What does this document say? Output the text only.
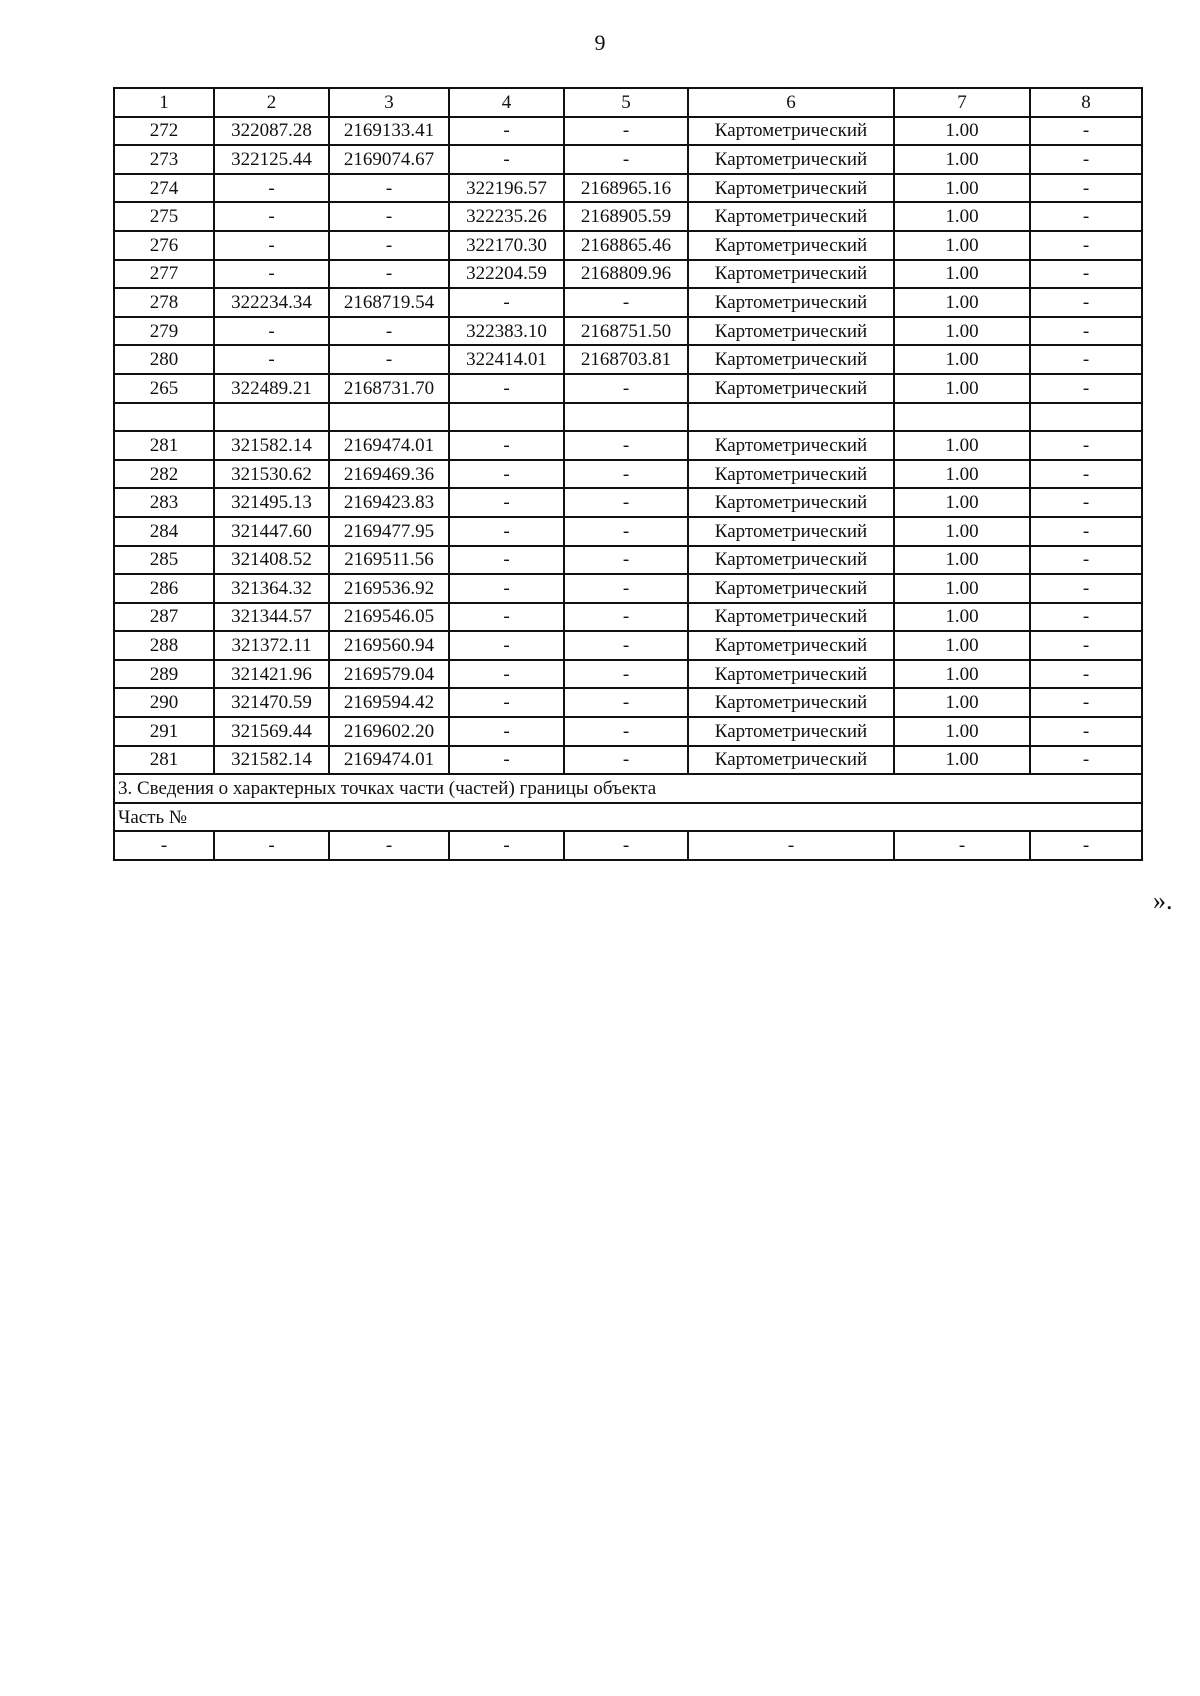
9
1	2	3	4	5	6	7	8
272	322087.28	2169133.41	-	-	Картометрический	1.00	-
273	322125.44	2169074.67	-	-	Картометрический	1.00	-
274	-	-	322196.57	2168965.16	Картометрический	1.00	-
275	-	-	322235.26	2168905.59	Картометрический	1.00	-
276	-	-	322170.30	2168865.46	Картометрический	1.00	-
277	-	-	322204.59	2168809.96	Картометрический	1.00	-
278	322234.34	2168719.54	-	-	Картометрический	1.00	-
279	-	-	322383.10	2168751.50	Картометрический	1.00	-
280	-	-	322414.01	2168703.81	Картометрический	1.00	-
265	322489.21	2168731.70	-	-	Картометрический	1.00	-

281	321582.14	2169474.01	-	-	Картометрический	1.00	-
282	321530.62	2169469.36	-	-	Картометрический	1.00	-
283	321495.13	2169423.83	-	-	Картометрический	1.00	-
284	321447.60	2169477.95	-	-	Картометрический	1.00	-
285	321408.52	2169511.56	-	-	Картометрический	1.00	-
286	321364.32	2169536.92	-	-	Картометрический	1.00	-
287	321344.57	2169546.05	-	-	Картометрический	1.00	-
288	321372.11	2169560.94	-	-	Картометрический	1.00	-
289	321421.96	2169579.04	-	-	Картометрический	1.00	-
290	321470.59	2169594.42	-	-	Картометрический	1.00	-
291	321569.44	2169602.20	-	-	Картометрический	1.00	-
281	321582.14	2169474.01	-	-	Картометрический	1.00	-
3. Сведения о характерных точках части (частей) границы объекта							
Часть №							
-	-	-	-	-	-	-	-
».
